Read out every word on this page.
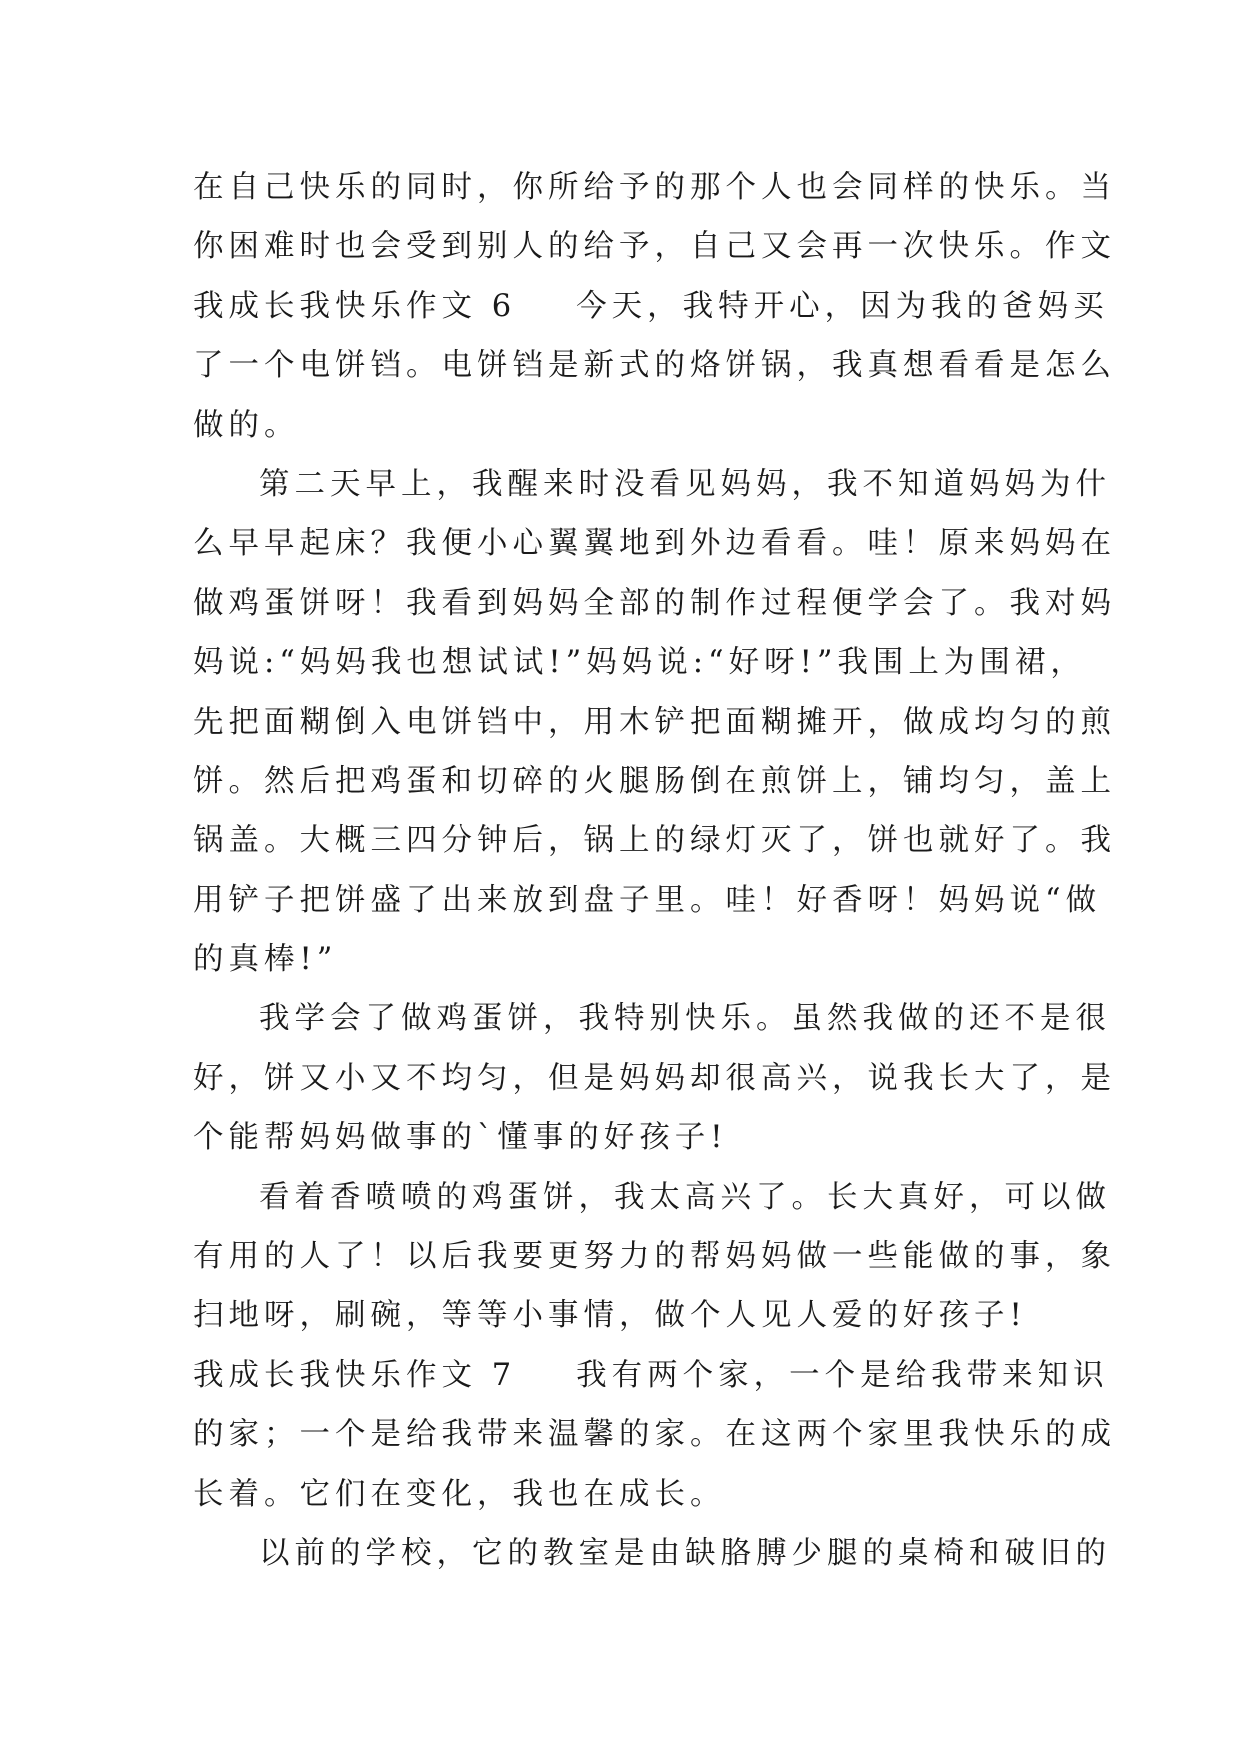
在自己快乐的同时，你所给予的那个人也会同样的快乐。当
你困难时也会受到别人的给予，自己又会再一次快乐。作文
我成长我快乐作文 6 今天，我特开心，因为我的爸妈买
了一个电饼铛。电饼铛是新式的烙饼锅，我真想看看是怎么
做的。
第二天早上，我醒来时没看见妈妈，我不知道妈妈为什
么早早起床？我便小心翼翼地到外边看看。哇！原来妈妈在
做鸡蛋饼呀！我看到妈妈全部的制作过程便学会了。我对妈
妈说:“妈妈我也想试试!”妈妈说:“好呀!”我围上为围裙，
先把面糊倒入电饼铛中，用木铲把面糊摊开，做成均匀的煎
饼。然后把鸡蛋和切碎的火腿肠倒在煎饼上，铺均匀，盖上
锅盖。大概三四分钟后，锅上的绿灯灭了，饼也就好了。我
用铲子把饼盛了出来放到盘子里。哇！好香呀！妈妈说“做
的真棒!”
我学会了做鸡蛋饼，我特别快乐。虽然我做的还不是很
好，饼又小又不均匀，但是妈妈却很高兴，说我长大了，是
个能帮妈妈做事的`懂事的好孩子!
看着香喷喷的鸡蛋饼，我太高兴了。长大真好，可以做
有用的人了！以后我要更努力的帮妈妈做一些能做的事，象
扫地呀，刷碗，等等小事情，做个人见人爱的好孩子!
我成长我快乐作文 7 我有两个家，一个是给我带来知识
的家；一个是给我带来温馨的家。在这两个家里我快乐的成
长着。它们在变化，我也在成长。
以前的学校，它的教室是由缺胳膊少腿的桌椅和破旧的
